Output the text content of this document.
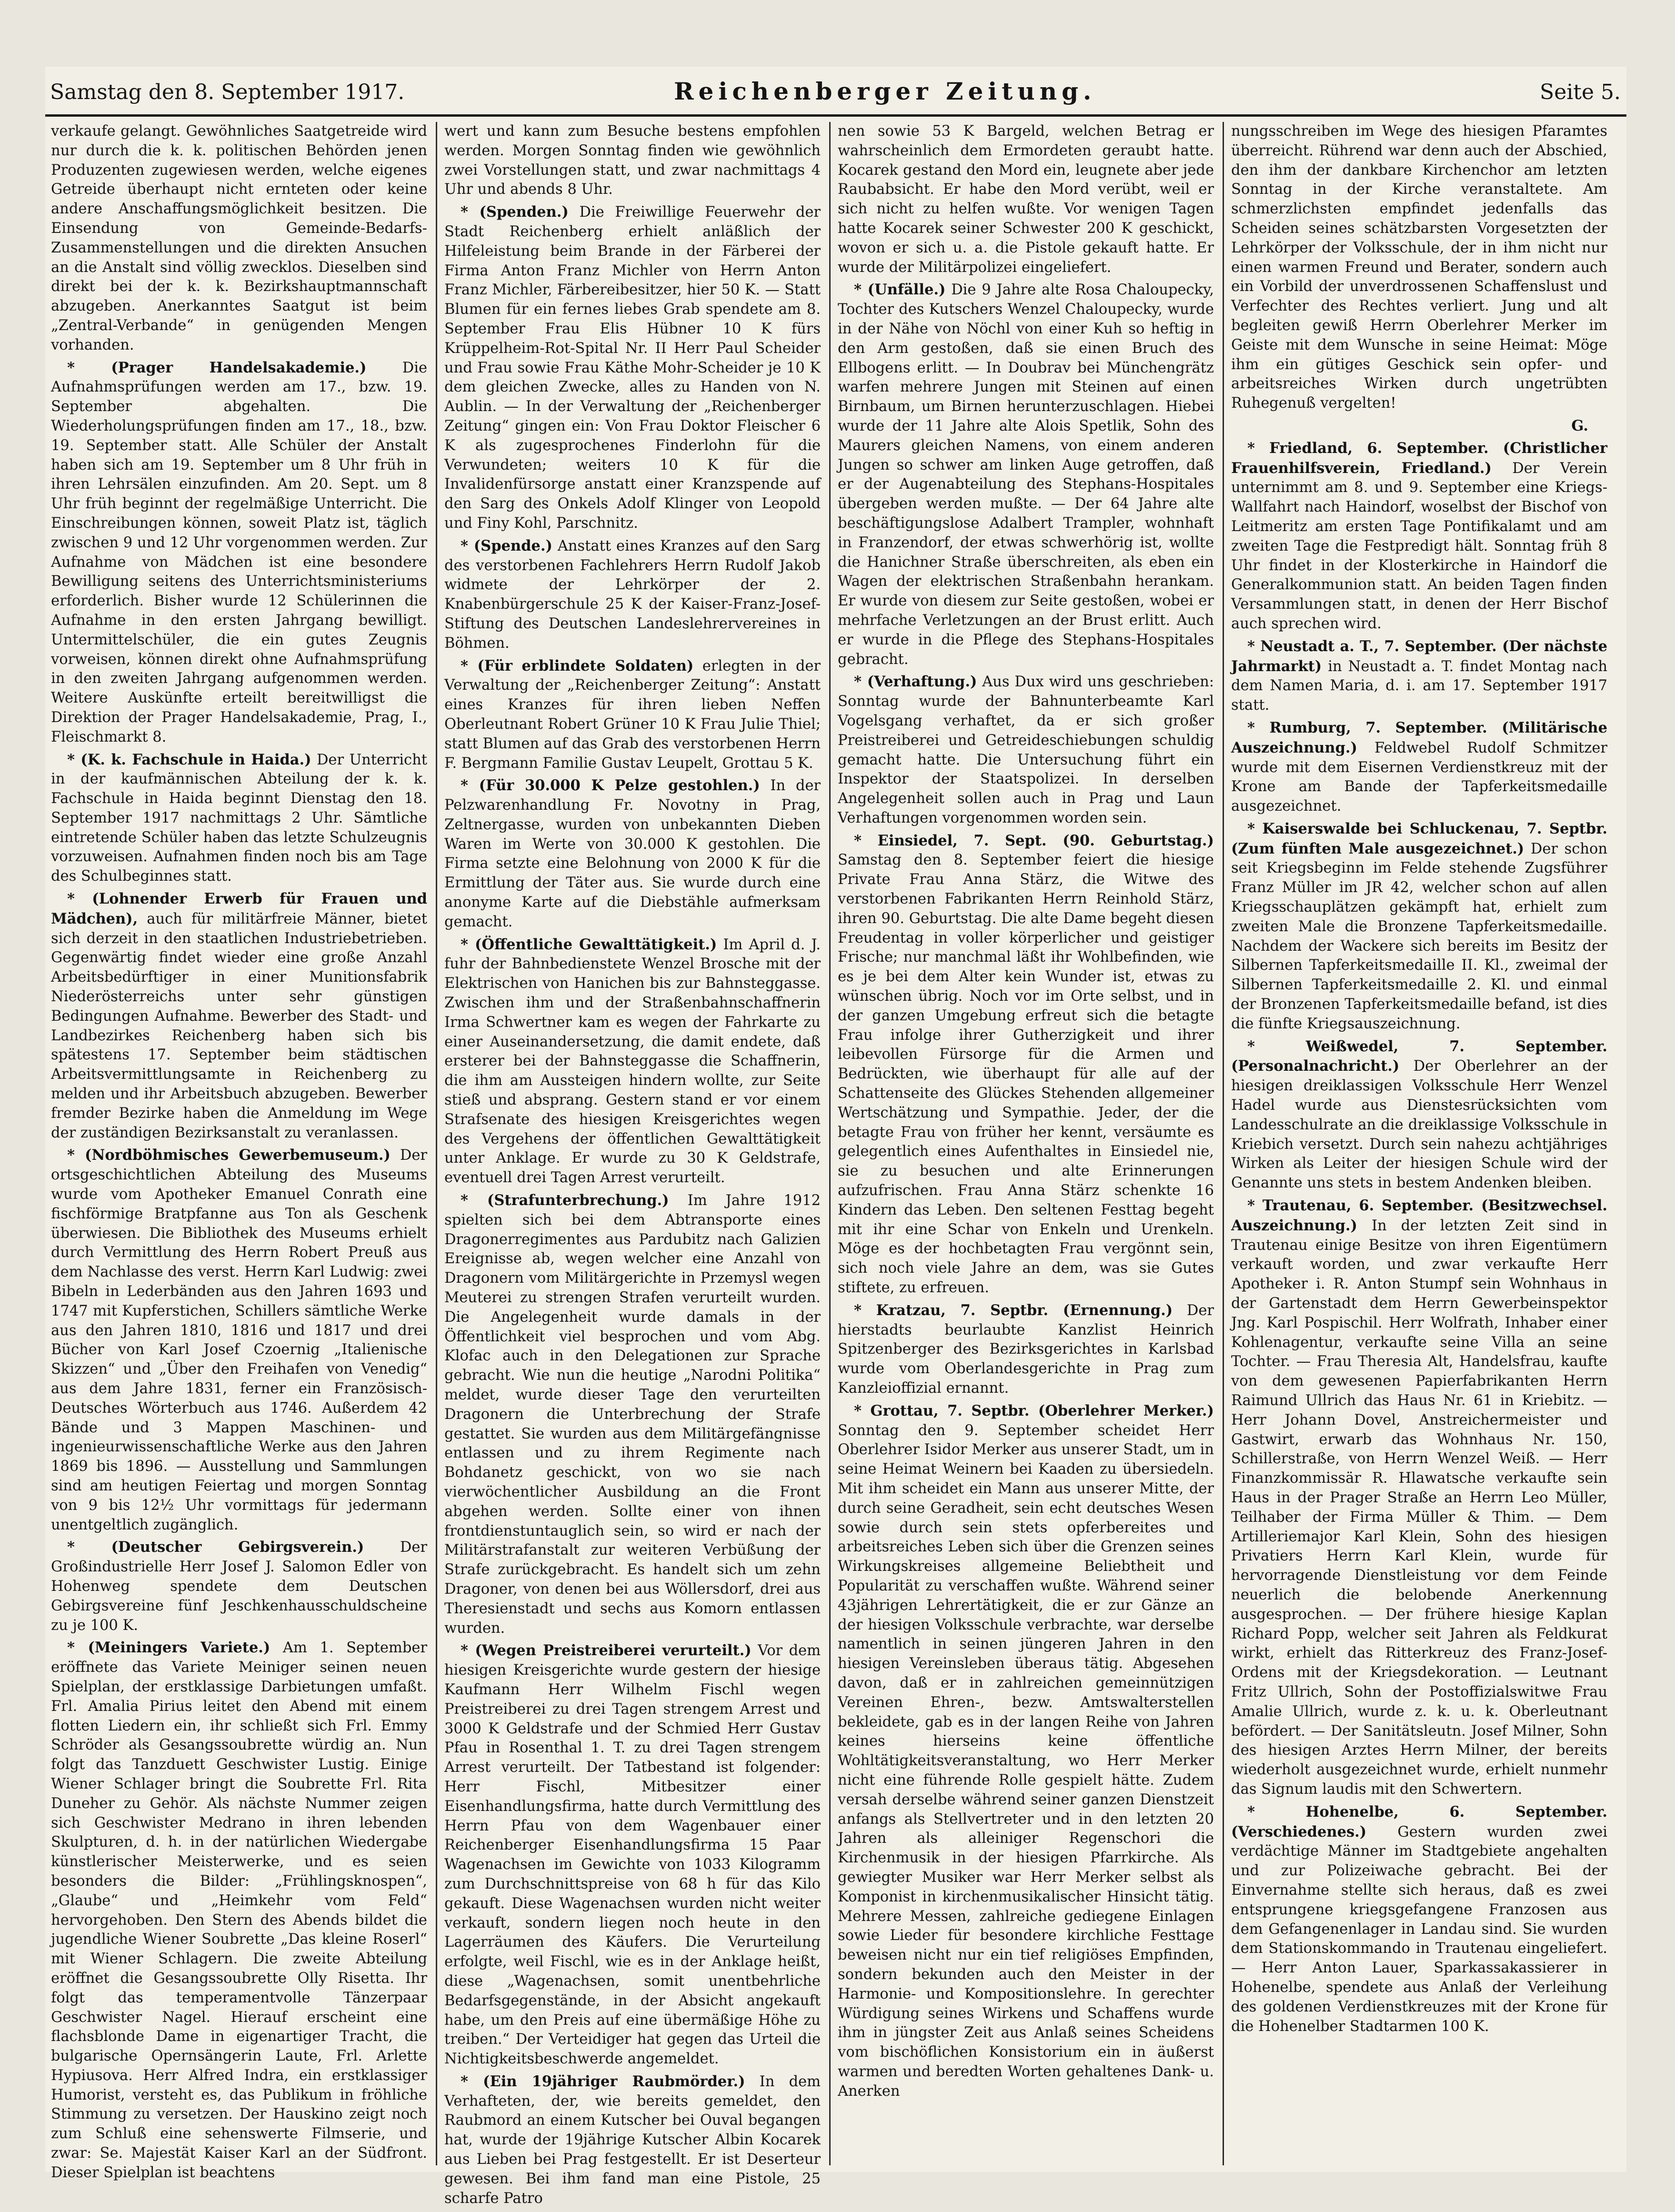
Samstag den 8. September 1917.	Reichenberger Zeitung.	Seite 5.

verkaufe gelangt. Gewöhnliches Saatgetreide wird nur durch die k. k. politischen Behörden jenen Produzenten zugewiesen werden, welche eigenes Getreide überhaupt nicht ernteten oder keine andere Anschaffungsmöglichkeit besitzen. Die Einsendung von Gemeinde-Bedarfs-Zusammenstellungen und die direkten Ansuchen an die Anstalt sind völlig zwecklos. Dieselben sind direkt bei der k. k. Bezirkshauptmannschaft abzugeben. Anerkanntes Saatgut ist beim „Zentral-Verbande“ in genügenden Mengen vorhanden.

* (Prager Handelsakademie.) Die Aufnahmsprüfungen werden am 17., bzw. 19. September abgehalten. Die Wiederholungsprüfungen finden am 17., 18., bzw. 19. September statt. Alle Schüler der Anstalt haben sich am 19. September um 8 Uhr früh in ihren Lehrsälen einzufinden. Am 20. Sept. um 8 Uhr früh beginnt der regelmäßige Unterricht. Die Einschreibungen können, soweit Platz ist, täglich zwischen 9 und 12 Uhr vorgenommen werden. Zur Aufnahme von Mädchen ist eine besondere Bewilligung seitens des Unterrichtsministeriums erforderlich. Bisher wurde 12 Schülerinnen die Aufnahme in den ersten Jahrgang bewilligt. Untermittelschüler, die ein gutes Zeugnis vorweisen, können direkt ohne Aufnahmsprüfung in den zweiten Jahrgang aufgenommen werden. Weitere Auskünfte erteilt bereitwilligst die Direktion der Prager Handelsakademie, Prag, I., Fleischmarkt 8.

* (K. k. Fachschule in Haida.) Der Unterricht in der kaufmännischen Abteilung der k. k. Fachschule in Haida beginnt Dienstag den 18. September 1917 nachmittags 2 Uhr. Sämtliche eintretende Schüler haben das letzte Schulzeugnis vorzuweisen. Aufnahmen finden noch bis am Tage des Schulbeginnes statt.

* (Lohnender Erwerb für Frauen und Mädchen), auch für militärfreie Männer, bietet sich derzeit in den staatlichen Industriebetrieben. Gegenwärtig findet wieder eine große Anzahl Arbeitsbedürftiger in einer Munitionsfabrik Niederösterreichs unter sehr günstigen Bedingungen Aufnahme. Bewerber des Stadt- und Landbezirkes Reichenberg haben sich bis spätestens 17. September beim städtischen Arbeitsvermittlungsamte in Reichenberg zu melden und ihr Arbeitsbuch abzugeben. Bewerber fremder Bezirke haben die Anmeldung im Wege der zuständigen Bezirksanstalt zu veranlassen.

* (Nordböhmisches Gewerbemuseum.) Der ortsgeschichtlichen Abteilung des Museums wurde vom Apotheker Emanuel Conrath eine fischförmige Bratpfanne aus Ton als Geschenk überwiesen. Die Bibliothek des Museums erhielt durch Vermittlung des Herrn Robert Preuß aus dem Nachlasse des verst. Herrn Karl Ludwig: zwei Bibeln in Lederbänden aus den Jahren 1693 und 1747 mit Kupferstichen, Schillers sämtliche Werke aus den Jahren 1810, 1816 und 1817 und drei Bücher von Karl Josef Czoernig „Italienische Skizzen“ und „Über den Freihafen von Venedig“ aus dem Jahre 1831, ferner ein Französisch-Deutsches Wörterbuch aus 1746. Außerdem 42 Bände und 3 Mappen Maschinen- und ingenieurwissenschaftliche Werke aus den Jahren 1869 bis 1896. — Ausstellung und Sammlungen sind am heutigen Feiertag und morgen Sonntag von 9 bis 12½ Uhr vormittags für jedermann unentgeltlich zugänglich.

* (Deutscher Gebirgsverein.) Der Großindustrielle Herr Josef J. Salomon Edler von Hohenweg spendete dem Deutschen Gebirgsvereine fünf Jeschkenhausschuldscheine zu je 100 K.

* (Meiningers Variete.) Am 1. September eröffnete das Variete Meiniger seinen neuen Spielplan, der erstklassige Darbietungen umfaßt. Frl. Amalia Pirius leitet den Abend mit einem flotten Liedern ein, ihr schließt sich Frl. Emmy Schröder als Gesangssoubrette würdig an. Nun folgt das Tanzduett Geschwister Lustig. Einige Wiener Schlager bringt die Soubrette Frl. Rita Duneher zu Gehör. Als nächste Nummer zeigen sich Geschwister Medrano in ihren lebenden Skulpturen, d. h. in der natürlichen Wiedergabe künstlerischer Meisterwerke, und es seien besonders die Bilder: „Frühlingsknospen“, „Glaube“ und „Heimkehr vom Feld“ hervorgehoben. Den Stern des Abends bildet die jugendliche Wiener Soubrette „Das kleine Roserl“ mit Wiener Schlagern. Die zweite Abteilung eröffnet die Gesangssoubrette Olly Risetta. Ihr folgt das temperamentvolle Tänzerpaar Geschwister Nagel. Hierauf erscheint eine flachsblonde Dame in eigenartiger Tracht, die bulgarische Opernsängerin Laute, Frl. Arlette Hypiusova. Herr Alfred Indra, ein erstklassiger Humorist, versteht es, das Publikum in fröhliche Stimmung zu versetzen. Der Hauskino zeigt noch zum Schluß eine sehenswerte Filmserie, und zwar: Se. Majestät Kaiser Karl an der Südfront. Dieser Spielplan ist beachtens

wert und kann zum Besuche bestens empfohlen werden. Morgen Sonntag finden wie gewöhnlich zwei Vorstellungen statt, und zwar nachmittags 4 Uhr und abends 8 Uhr.

* (Spenden.) Die Freiwillige Feuerwehr der Stadt Reichenberg erhielt anläßlich der Hilfeleistung beim Brande in der Färberei der Firma Anton Franz Michler von Herrn Anton Franz Michler, Färbereibesitzer, hier 50 K. — Statt Blumen für ein fernes liebes Grab spendete am 8. September Frau Elis Hübner 10 K fürs Krüppelheim-Rot-Spital Nr. II Herr Paul Scheider und Frau sowie Frau Käthe Mohr-Scheider je 10 K dem gleichen Zwecke, alles zu Handen von N. Aublin. — In der Verwaltung der „Reichenberger Zeitung“ gingen ein: Von Frau Doktor Fleischer 6 K als zugesprochenes Finderlohn für die Verwundeten; weiters 10 K für die Invalidenfürsorge anstatt einer Kranzspende auf den Sarg des Onkels Adolf Klinger von Leopold und Finy Kohl, Parschnitz.

* (Spende.) Anstatt eines Kranzes auf den Sarg des verstorbenen Fachlehrers Herrn Rudolf Jakob widmete der Lehrkörper der 2. Knabenbürgerschule 25 K der Kaiser-Franz-Josef-Stiftung des Deutschen Landeslehrervereines in Böhmen.

* (Für erblindete Soldaten) erlegten in der Verwaltung der „Reichenberger Zeitung“: Anstatt eines Kranzes für ihren lieben Neffen Oberleutnant Robert Grüner 10 K Frau Julie Thiel; statt Blumen auf das Grab des verstorbenen Herrn F. Bergmann Familie Gustav Leupelt, Grottau 5 K.

* (Für 30.000 K Pelze gestohlen.) In der Pelzwarenhandlung Fr. Novotny in Prag, Zeltnergasse, wurden von unbekannten Dieben Waren im Werte von 30.000 K gestohlen. Die Firma setzte eine Belohnung von 2000 K für die Ermittlung der Täter aus. Sie wurde durch eine anonyme Karte auf die Diebstähle aufmerksam gemacht.

* (Öffentliche Gewalttätigkeit.) Im April d. J. fuhr der Bahnbedienstete Wenzel Brosche mit der Elektrischen von Hanichen bis zur Bahnsteggasse. Zwischen ihm und der Straßenbahnschaffnerin Irma Schwertner kam es wegen der Fahrkarte zu einer Auseinandersetzung, die damit endete, daß ersterer bei der Bahnsteggasse die Schaffnerin, die ihm am Aussteigen hindern wollte, zur Seite stieß und absprang. Gestern stand er vor einem Strafsenate des hiesigen Kreisgerichtes wegen des Vergehens der öffentlichen Gewalttätigkeit unter Anklage. Er wurde zu 30 K Geldstrafe, eventuell drei Tagen Arrest verurteilt.

* (Strafunterbrechung.) Im Jahre 1912 spielten sich bei dem Abtransporte eines Dragonerregimentes aus Pardubitz nach Galizien Ereignisse ab, wegen welcher eine Anzahl von Dragonern vom Militärgerichte in Przemysl wegen Meuterei zu strengen Strafen verurteilt wurden. Die Angelegenheit wurde damals in der Öffentlichkeit viel besprochen und vom Abg. Klofac auch in den Delegationen zur Sprache gebracht. Wie nun die heutige „Narodni Politika“ meldet, wurde dieser Tage den verurteilten Dragonern die Unterbrechung der Strafe gestattet. Sie wurden aus dem Militärgefängnisse entlassen und zu ihrem Regimente nach Bohdanetz geschickt, von wo sie nach vierwöchentlicher Ausbildung an die Front abgehen werden. Sollte einer von ihnen frontdienstuntauglich sein, so wird er nach der Militärstrafanstalt zur weiteren Verbüßung der Strafe zurückgebracht. Es handelt sich um zehn Dragoner, von denen bei aus Wöllersdorf, drei aus Theresienstadt und sechs aus Komorn entlassen wurden.

* (Wegen Preistreiberei verurteilt.) Vor dem hiesigen Kreisgerichte wurde gestern der hiesige Kaufmann Herr Wilhelm Fischl wegen Preistreiberei zu drei Tagen strengem Arrest und 3000 K Geldstrafe und der Schmied Herr Gustav Pfau in Rosenthal 1. T. zu drei Tagen strengem Arrest verurteilt. Der Tatbestand ist folgender: Herr Fischl, Mitbesitzer einer Eisenhandlungsfirma, hatte durch Vermittlung des Herrn Pfau von dem Wagenbauer einer Reichenberger Eisenhandlungsfirma 15 Paar Wagenachsen im Gewichte von 1033 Kilogramm zum Durchschnittspreise von 68 h für das Kilo gekauft. Diese Wagenachsen wurden nicht weiter verkauft, sondern liegen noch heute in den Lagerräumen des Käufers. Die Verurteilung erfolgte, weil Fischl, wie es in der Anklage heißt, diese „Wagenachsen, somit unentbehrliche Bedarfsgegenstände, in der Absicht angekauft habe, um den Preis auf eine übermäßige Höhe zu treiben.“ Der Verteidiger hat gegen das Urteil die Nichtigkeitsbeschwerde angemeldet.

* (Ein 19jähriger Raubmörder.) In dem Verhafteten, der, wie bereits gemeldet, den Raubmord an einem Kutscher bei Ouval begangen hat, wurde der 19jährige Kutscher Albin Kocarek aus Lieben bei Prag festgestellt. Er ist Deserteur gewesen. Bei ihm fand man eine Pistole, 25 scharfe Patro

nen sowie 53 K Bargeld, welchen Betrag er wahrscheinlich dem Ermordeten geraubt hatte. Kocarek gestand den Mord ein, leugnete aber jede Raubabsicht. Er habe den Mord verübt, weil er sich nicht zu helfen wußte. Vor wenigen Tagen hatte Kocarek seiner Schwester 200 K geschickt, wovon er sich u. a. die Pistole gekauft hatte. Er wurde der Militärpolizei eingeliefert.

* (Unfälle.) Die 9 Jahre alte Rosa Chaloupecky, Tochter des Kutschers Wenzel Chaloupecky, wurde in der Nähe von Nöchl von einer Kuh so heftig in den Arm gestoßen, daß sie einen Bruch des Ellbogens erlitt. — In Doubrav bei Münchengrätz warfen mehrere Jungen mit Steinen auf einen Birnbaum, um Birnen herunterzuschlagen. Hiebei wurde der 11 Jahre alte Alois Spetlik, Sohn des Maurers gleichen Namens, von einem anderen Jungen so schwer am linken Auge getroffen, daß er der Augenabteilung des Stephans-Hospitales übergeben werden mußte. — Der 64 Jahre alte beschäftigungslose Adalbert Trampler, wohnhaft in Franzendorf, der etwas schwerhörig ist, wollte die Hanichner Straße überschreiten, als eben ein Wagen der elektrischen Straßenbahn herankam. Er wurde von diesem zur Seite gestoßen, wobei er mehrfache Verletzungen an der Brust erlitt. Auch er wurde in die Pflege des Stephans-Hospitales gebracht.

* (Verhaftung.) Aus Dux wird uns geschrieben: Sonntag wurde der Bahnunterbeamte Karl Vogelsgang verhaftet, da er sich großer Preistreiberei und Getreideschiebungen schuldig gemacht hatte. Die Untersuchung führt ein Inspektor der Staatspolizei. In derselben Angelegenheit sollen auch in Prag und Laun Verhaftungen vorgenommen worden sein.

* Einsiedel, 7. Sept. (90. Geburtstag.) Samstag den 8. September feiert die hiesige Private Frau Anna Stärz, die Witwe des verstorbenen Fabrikanten Herrn Reinhold Stärz, ihren 90. Geburtstag. Die alte Dame begeht diesen Freudentag in voller körperlicher und geistiger Frische; nur manchmal läßt ihr Wohlbefinden, wie es je bei dem Alter kein Wunder ist, etwas zu wünschen übrig. Noch vor im Orte selbst, und in der ganzen Umgebung erfreut sich die betagte Frau infolge ihrer Gutherzigkeit und ihrer leibevollen Fürsorge für die Armen und Bedrückten, wie überhaupt für alle auf der Schattenseite des Glückes Stehenden allgemeiner Wertschätzung und Sympathie. Jeder, der die betagte Frau von früher her kennt, versäumte es gelegentlich eines Aufenthaltes in Einsiedel nie, sie zu besuchen und alte Erinnerungen aufzufrischen. Frau Anna Stärz schenkte 16 Kindern das Leben. Den seltenen Festtag begeht mit ihr eine Schar von Enkeln und Urenkeln. Möge es der hochbetagten Frau vergönnt sein, sich noch viele Jahre an dem, was sie Gutes stiftete, zu erfreuen.

* Kratzau, 7. Septbr. (Ernennung.) Der hierstadts beurlaubte Kanzlist Heinrich Spitzenberger des Bezirksgerichtes in Karlsbad wurde vom Oberlandesgerichte in Prag zum Kanzleioffizial ernannt.

* Grottau, 7. Septbr. (Oberlehrer Merker.) Sonntag den 9. September scheidet Herr Oberlehrer Isidor Merker aus unserer Stadt, um in seine Heimat Weinern bei Kaaden zu übersiedeln. Mit ihm scheidet ein Mann aus unserer Mitte, der durch seine Geradheit, sein echt deutsches Wesen sowie durch sein stets opferbereites und arbeitsreiches Leben sich über die Grenzen seines Wirkungskreises allgemeine Beliebtheit und Popularität zu verschaffen wußte. Während seiner 43jährigen Lehrertätigkeit, die er zur Gänze an der hiesigen Volksschule verbrachte, war derselbe namentlich in seinen jüngeren Jahren in den hiesigen Vereinsleben überaus tätig. Abgesehen davon, daß er in zahlreichen gemeinnützigen Vereinen Ehren-, bezw. Amtswalterstellen bekleidete, gab es in der langen Reihe von Jahren keines hierseins keine öffentliche Wohltätigkeitsveranstaltung, wo Herr Merker nicht eine führende Rolle gespielt hätte. Zudem versah derselbe während seiner ganzen Dienstzeit anfangs als Stellvertreter und in den letzten 20 Jahren als alleiniger Regenschori die Kirchenmusik in der hiesigen Pfarrkirche. Als gewiegter Musiker war Herr Merker selbst als Komponist in kirchenmusikalischer Hinsicht tätig. Mehrere Messen, zahlreiche gediegene Einlagen sowie Lieder für besondere kirchliche Festtage beweisen nicht nur ein tief religiöses Empfinden, sondern bekunden auch den Meister in der Harmonie- und Kompositionslehre. In gerechter Würdigung seines Wirkens und Schaffens wurde ihm in jüngster Zeit aus Anlaß seines Scheidens vom bischöflichen Konsistorium ein in äußerst warmen und beredten Worten gehaltenes Dank- u. Anerken

nungsschreiben im Wege des hiesigen Pfaramtes überreicht. Rührend war denn auch der Abschied, den ihm der dankbare Kirchenchor am letzten Sonntag in der Kirche veranstaltete. Am schmerzlichsten empfindet jedenfalls das Scheiden seines schätzbarsten Vorgesetzten der Lehrkörper der Volksschule, der in ihm nicht nur einen warmen Freund und Berater, sondern auch ein Vorbild der unverdrossenen Schaffenslust und Verfechter des Rechtes verliert. Jung und alt begleiten gewiß Herrn Oberlehrer Merker im Geiste mit dem Wunsche in seine Heimat: Möge ihm ein gütiges Geschick sein opfer- und arbeitsreiches Wirken durch ungetrübten Ruhegenuß vergelten!

G.

* Friedland, 6. September. (Christlicher Frauenhilfsverein, Friedland.) Der Verein unternimmt am 8. und 9. September eine Kriegs-Wallfahrt nach Haindorf, woselbst der Bischof von Leitmeritz am ersten Tage Pontifikalamt und am zweiten Tage die Festpredigt hält. Sonntag früh 8 Uhr findet in der Klosterkirche in Haindorf die Generalkommunion statt. An beiden Tagen finden Versammlungen statt, in denen der Herr Bischof auch sprechen wird.

* Neustadt a. T., 7. September. (Der nächste Jahrmarkt) in Neustadt a. T. findet Montag nach dem Namen Maria, d. i. am 17. September 1917 statt.

* Rumburg, 7. September. (Militärische Auszeichnung.) Feldwebel Rudolf Schmitzer wurde mit dem Eisernen Verdienstkreuz mit der Krone am Bande der Tapferkeitsmedaille ausgezeichnet.

* Kaiserswalde bei Schluckenau, 7. Septbr. (Zum fünften Male ausgezeichnet.) Der schon seit Kriegsbeginn im Felde stehende Zugsführer Franz Müller im JR 42, welcher schon auf allen Kriegsschauplätzen gekämpft hat, erhielt zum zweiten Male die Bronzene Tapferkeitsmedaille. Nachdem der Wackere sich bereits im Besitz der Silbernen Tapferkeitsmedaille II. Kl., zweimal der Silbernen Tapferkeitsmedaille 2. Kl. und einmal der Bronzenen Tapferkeitsmedaille befand, ist dies die fünfte Kriegsauszeichnung.

* Weißwedel, 7. September. (Personalnachricht.) Der Oberlehrer an der hiesigen dreiklassigen Volksschule Herr Wenzel Hadel wurde aus Dienstesrücksichten vom Landesschulrate an die dreiklassige Volksschule in Kriebich versetzt. Durch sein nahezu achtjähriges Wirken als Leiter der hiesigen Schule wird der Genannte uns stets in bestem Andenken bleiben.

* Trautenau, 6. September. (Besitzwechsel. Auszeichnung.) In der letzten Zeit sind in Trautenau einige Besitze von ihren Eigentümern verkauft worden, und zwar verkaufte Herr Apotheker i. R. Anton Stumpf sein Wohnhaus in der Gartenstadt dem Herrn Gewerbeinspektor Jng. Karl Pospischil. Herr Wolfrath, Inhaber einer Kohlenagentur, verkaufte seine Villa an seine Tochter. — Frau Theresia Alt, Handelsfrau, kaufte von dem gewesenen Papierfabrikanten Herrn Raimund Ullrich das Haus Nr. 61 in Kriebitz. — Herr Johann Dovel, Anstreichermeister und Gastwirt, erwarb das Wohnhaus Nr. 150, Schillerstraße, von Herrn Wenzel Weiß. — Herr Finanzkommissär R. Hlawatsche verkaufte sein Haus in der Prager Straße an Herrn Leo Müller, Teilhaber der Firma Müller & Thim. — Dem Artilleriemajor Karl Klein, Sohn des hiesigen Privatiers Herrn Karl Klein, wurde für hervorragende Dienstleistung vor dem Feinde neuerlich die belobende Anerkennung ausgesprochen. — Der frühere hiesige Kaplan Richard Popp, welcher seit Jahren als Feldkurat wirkt, erhielt das Ritterkreuz des Franz-Josef-Ordens mit der Kriegsdekoration. — Leutnant Fritz Ullrich, Sohn der Postoffizialswitwe Frau Amalie Ullrich, wurde z. k. u. k. Oberleutnant befördert. — Der Sanitätsleutn. Josef Milner, Sohn des hiesigen Arztes Herrn Milner, der bereits wiederholt ausgezeichnet wurde, erhielt nunmehr das Signum laudis mit den Schwertern.

* Hohenelbe, 6. September. (Verschiedenes.) Gestern wurden zwei verdächtige Männer im Stadtgebiete angehalten und zur Polizeiwache gebracht. Bei der Einvernahme stellte sich heraus, daß es zwei entsprungene kriegsgefangene Franzosen aus dem Gefangenenlager in Landau sind. Sie wurden dem Stationskommando in Trautenau eingeliefert. — Herr Anton Lauer, Sparkassakassierer in Hohenelbe, spendete aus Anlaß der Verleihung des goldenen Verdienstkreuzes mit der Krone für die Hohenelber Stadtarmen 100 K.
